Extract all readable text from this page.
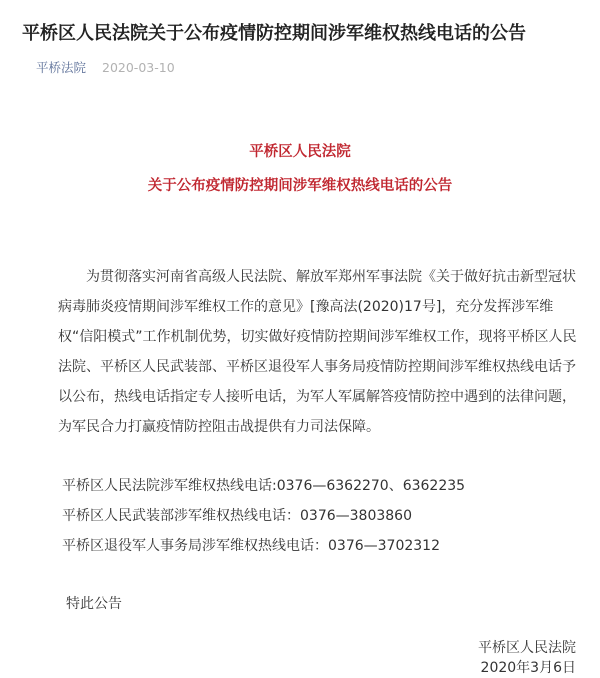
平桥区人民法院关于公布疫情防控期间涉军维权热线电话的公告
平桥法院 2020-03-10
平桥区人民法院
关于公布疫情防控期间涉军维权热线电话的公告

为贯彻落实河南省高级人民法院、解放军郑州军事法院《关于做好抗击新型冠状病毒肺炎疫情期间涉军维权工作的意见》[豫高法(2020)17号]，充分发挥涉军维权“信阳模式”工作机制优势，切实做好疫情防控期间涉军维权工作，现将平桥区人民法院、平桥区人民武装部、平桥区退役军人事务局疫情防控期间涉军维权热线电话予以公布，热线电话指定专人接听电话，为军人军属解答疫情防控中遇到的法律问题，为军民合力打赢疫情防控阻击战提供有力司法保障。

平桥区人民法院涉军维权热线电话:0376—6362270、6362235
平桥区人民武装部涉军维权热线电话：0376—3803860
平桥区退役军人事务局涉军维权热线电话：0376—3702312
特此公告
平桥区人民法院
2020年3月6日
